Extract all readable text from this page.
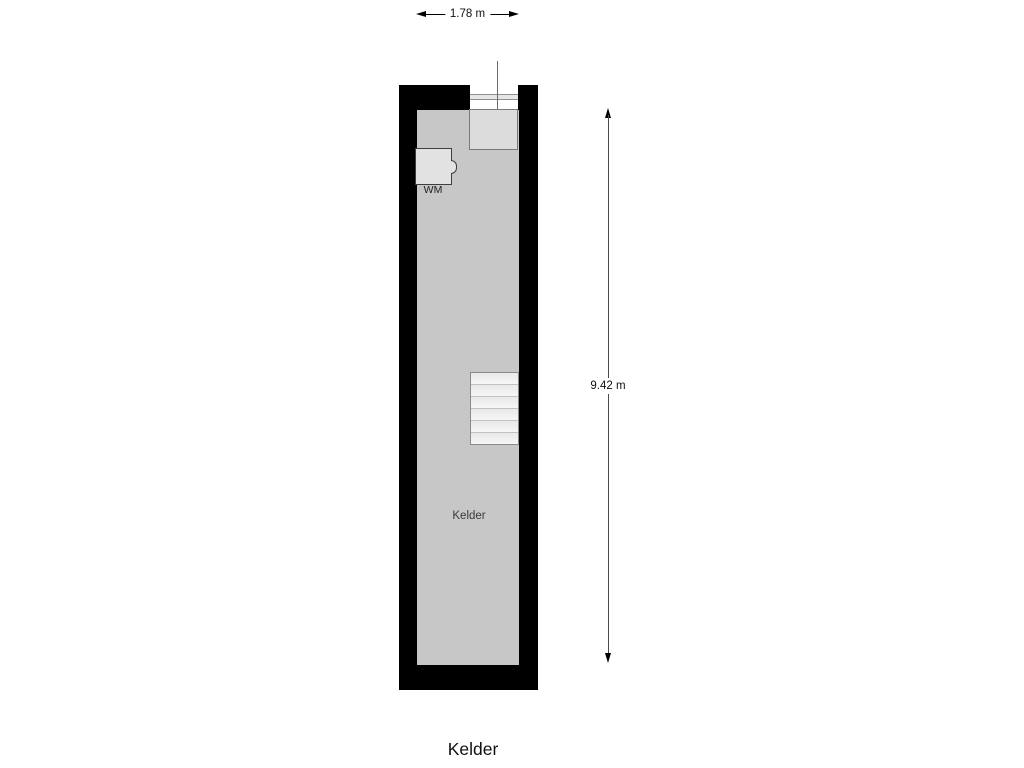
1.78 m
WM
Kelder
9.42 m
Kelder
